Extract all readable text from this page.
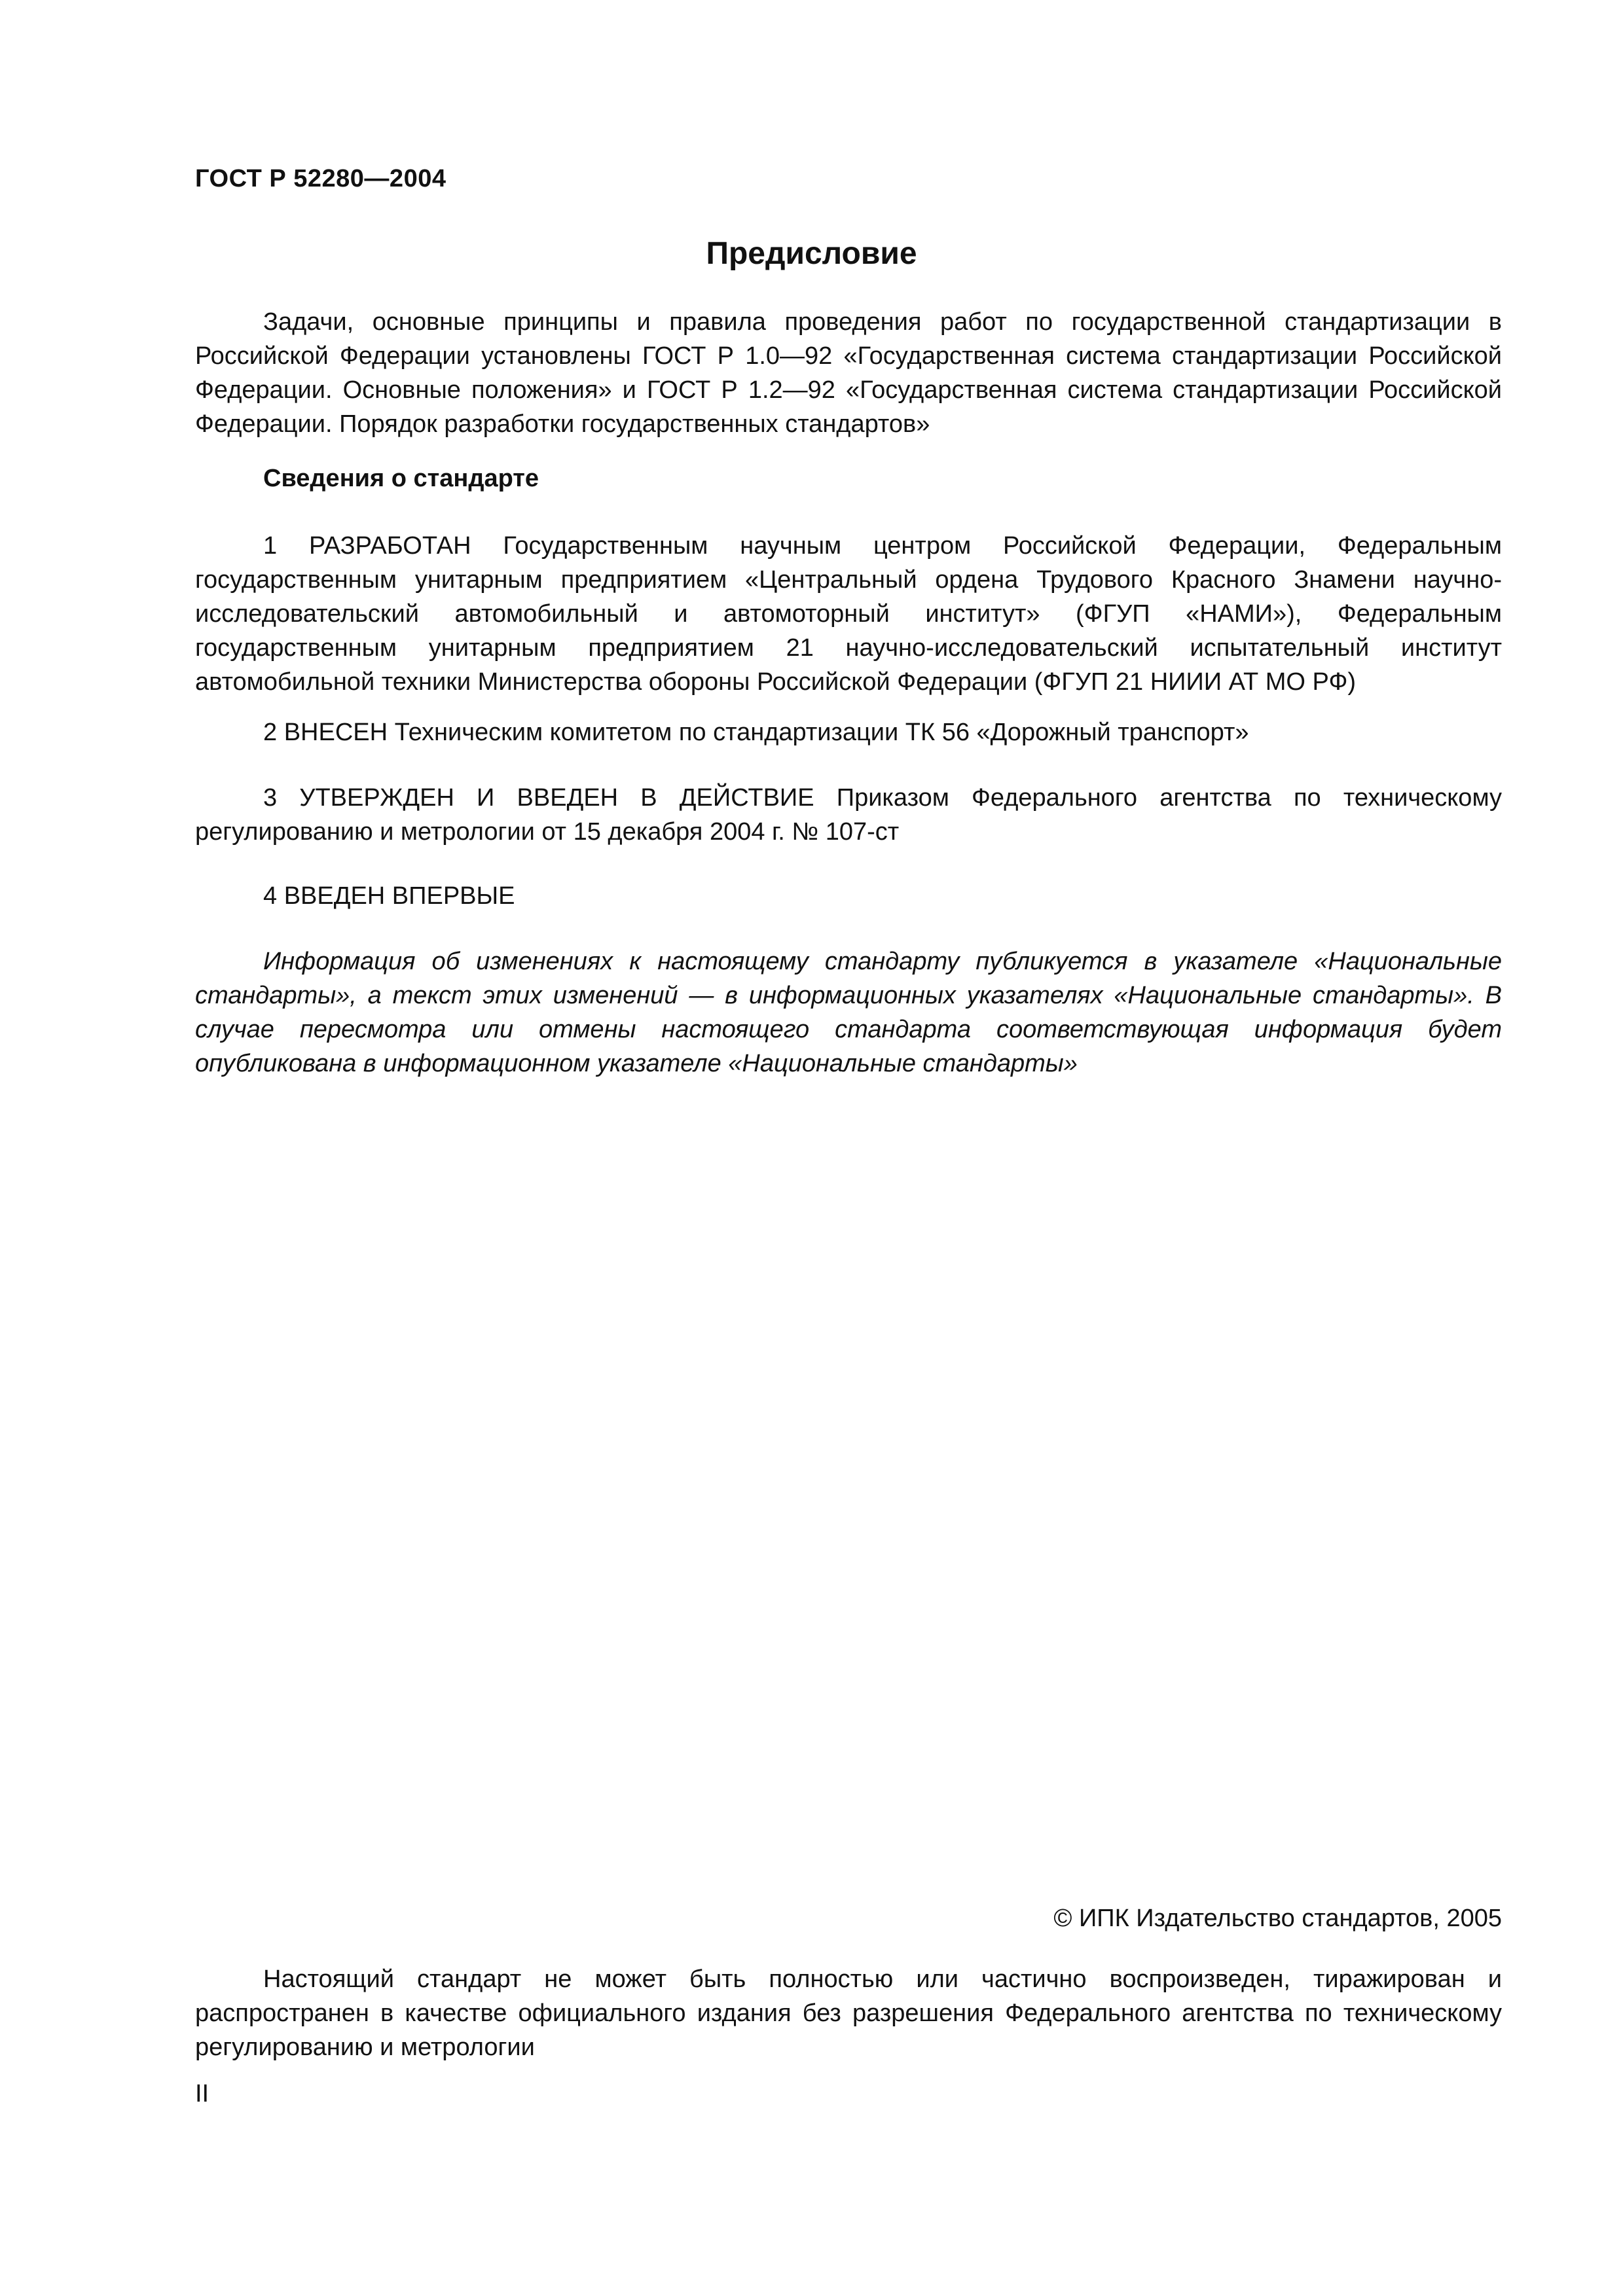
ГОСТ Р 52280—2004
Предисловие

Задачи, основные принципы и правила проведения работ по государственной стандартизации в Российской Федерации установлены ГОСТ Р 1.0—92 «Государственная система стандартизации Российской Федерации. Основные положения» и ГОСТ Р 1.2—92 «Государственная система стандартизации Российской Федерации. Порядок разработки государственных стандартов»

Сведения о стандарте

1 РАЗРАБОТАН Государственным научным центром Российской Федерации, Федеральным государственным унитарным предприятием «Центральный ордена Трудового Красного Знамени научно-исследовательский автомобильный и автомоторный институт» (ФГУП «НАМИ»), Федеральным государственным унитарным предприятием 21 научно-исследовательский испытательный институт автомобильной техники Министерства обороны Российской Федерации (ФГУП 21 НИИИ АТ МО РФ)

2 ВНЕСЕН Техническим комитетом по стандартизации ТК 56 «Дорожный транспорт»

3 УТВЕРЖДЕН И ВВЕДЕН В ДЕЙСТВИЕ Приказом Федерального агентства по техническому регулированию и метрологии от 15 декабря 2004 г. № 107-ст

4 ВВЕДЕН ВПЕРВЫЕ

Информация об изменениях к настоящему стандарту публикуется в указателе «Национальные стандарты», а текст этих изменений — в информационных указателях «Национальные стандарты». В случае пересмотра или отмены настоящего стандарта соответствующая информация будет опубликована в информационном указателе «Национальные стандарты»

© ИПК Издательство стандартов, 2005

Настоящий стандарт не может быть полностью или частично воспроизведен, тиражирован и распространен в качестве официального издания без разрешения Федерального агентства по техническому регулированию и метрологии

II
